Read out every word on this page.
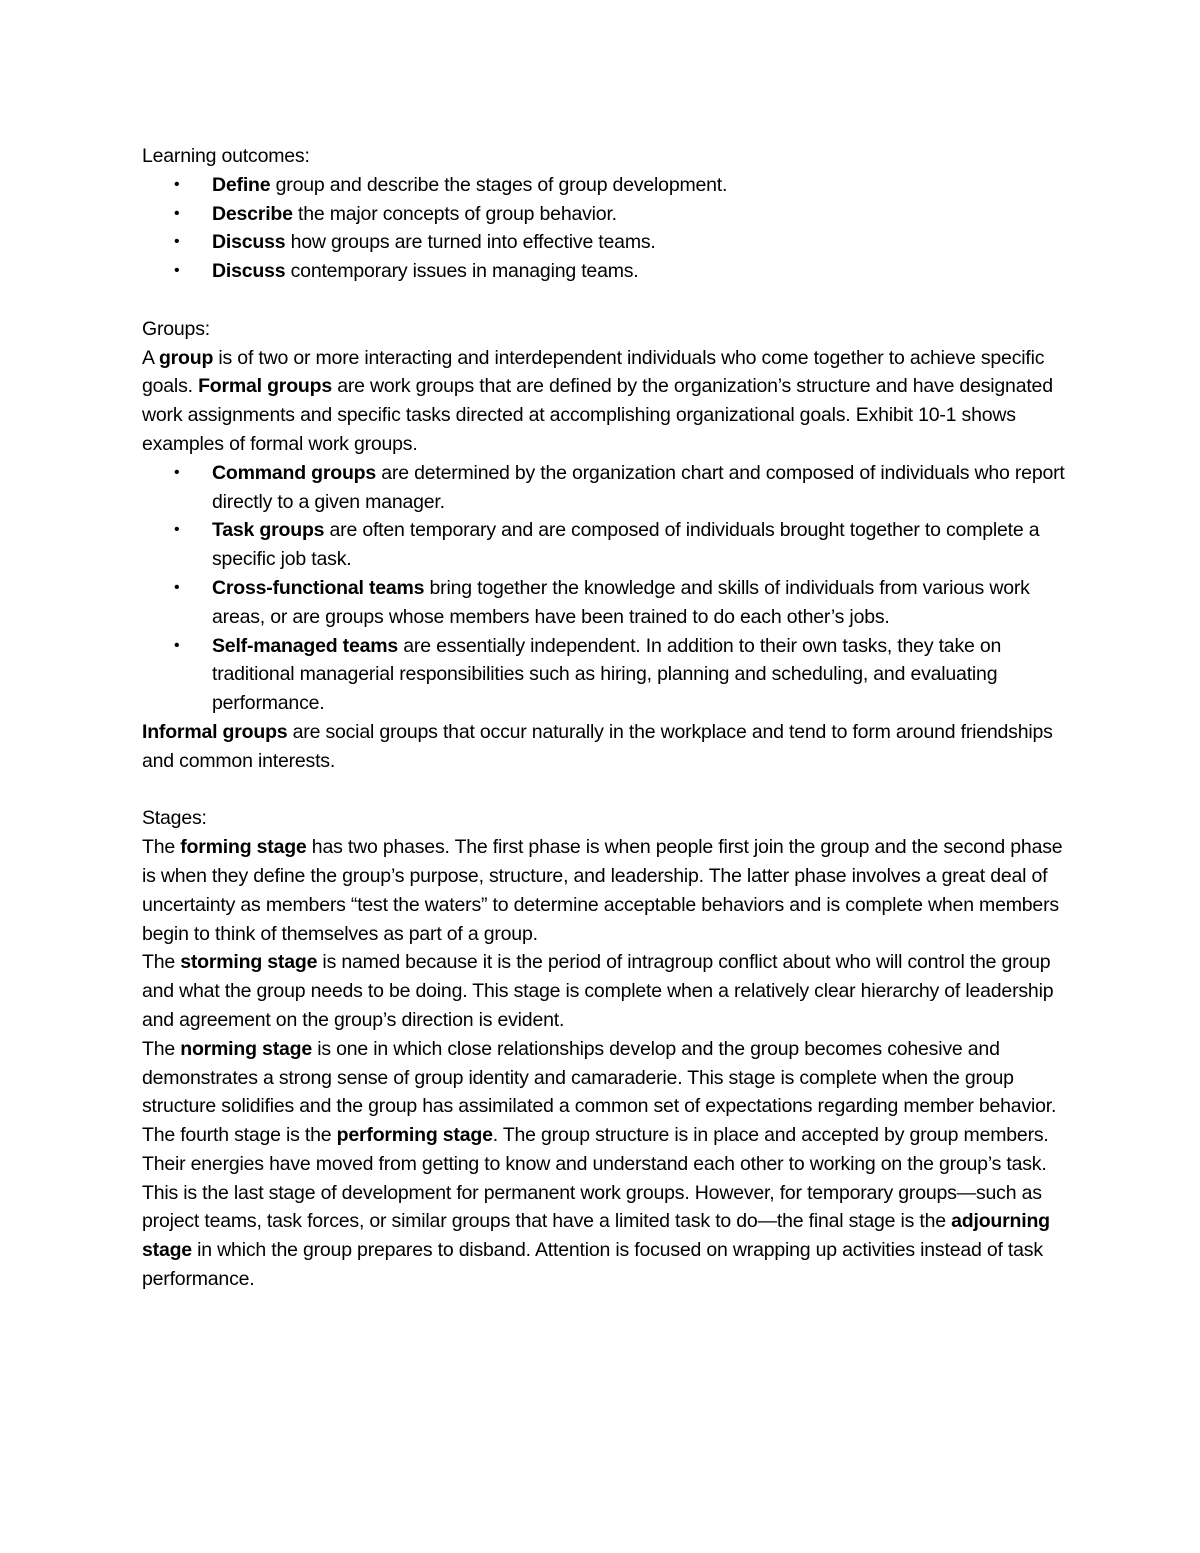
Learning outcomes:

• Define group and describe the stages of group development.
• Describe the major concepts of group behavior.
• Discuss how groups are turned into effective teams.
• Discuss contemporary issues in managing teams.

Groups:

A group is of two or more interacting and interdependent individuals who come together to achieve specific goals. Formal groups are work groups that are defined by the organization’s structure and have designated work assignments and specific tasks directed at accomplishing organizational goals. Exhibit 10-1 shows examples of formal work groups.

• Command groups are determined by the organization chart and composed of individuals who report directly to a given manager.
• Task groups are often temporary and are composed of individuals brought together to complete a specific job task.
• Cross-functional teams bring together the knowledge and skills of individuals from various work areas, or are groups whose members have been trained to do each other’s jobs.
• Self-managed teams are essentially independent. In addition to their own tasks, they take on traditional managerial responsibilities such as hiring, planning and scheduling, and evaluating performance.

Informal groups are social groups that occur naturally in the workplace and tend to form around friendships and common interests.

Stages:

The forming stage has two phases. The first phase is when people first join the group and the second phase is when they define the group’s purpose, structure, and leadership. The latter phase involves a great deal of uncertainty as members “test the waters” to determine acceptable behaviors and is complete when members begin to think of themselves as part of a group.

The storming stage is named because it is the period of intragroup conflict about who will control the group and what the group needs to be doing. This stage is complete when a relatively clear hierarchy of leadership and agreement on the group’s direction is evident.

The norming stage is one in which close relationships develop and the group becomes cohesive and demonstrates a strong sense of group identity and camaraderie. This stage is complete when the group structure solidifies and the group has assimilated a common set of expectations regarding member behavior.

The fourth stage is the performing stage. The group structure is in place and accepted by group members. Their energies have moved from getting to know and understand each other to working on the group’s task. This is the last stage of development for permanent work groups. However, for temporary groups—such as project teams, task forces, or similar groups that have a limited task to do—the final stage is the adjourning stage in which the group prepares to disband. Attention is focused on wrapping up activities instead of task performance.
